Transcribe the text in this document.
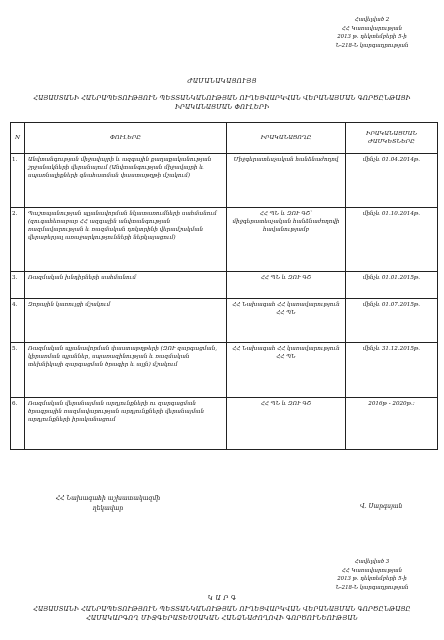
Հավելված 2
ՀՀ Կառավարության
2013 թ. դեկտեմբերի 5-ի
Ն-218-Ն կարգադրության
ԺԱՄԱՆԱԿԱՑՈՒՅՑ
ՀԱՅԱՍՏԱՆԻ ՀԱՆՐԱՊԵՏՈՒԹՅՈՒՆ ՊԵՏՏԱՆԿԱՆՈՒԹՅԱՆ ՈՒՂԵՑՎԱՐԿՎԱՆ ՎԵՐԱՆԱՅՄԱՆ ԳՈՐԾԸՆԹԱՑԻ ԻՐԱԿԱՆԱՑՄԱՆ ՓՈՒԼԵՐԻ
N	ՓՈՒԼԵՐԸ	ԻՐԱԿԱՆԱՑՈՂԸ	ԻՐԱԿԱՆԱՑՄԱՆ ԺԱՄԿԵՏՆԵՐԸ
1.	Անվտանգության միջավայրի և ազգային քաղաքականության շրջանակների վերանայում (Անվտանգության միջավայրի և սպառնալիքների գնահատման փաստաթղթի մշակում)	Միջգերատեսչական հանձնաժողով	մինչև 01.04.2014թ.
2.	Պաշտպանության պլանավորման նկատառումների սահմանում (զուգահեռաբար ՀՀ ազգային անվտանգության ռազմավարության և ռազմական դոկտրինի վերամշակման վերաբերյալ առաջարկությունների ներկայացում)	ՀՀ ՊՆ և ԶՈՒ ԳՇ՝ միջգերատեսչական հանձնաժողովի հավանությամբ	մինչև 01.10.2014թ.
3.	Ռազմական խնդիրների սահմանում	ՀՀ ՊՆ և ԶՈՒ ԳՇ	մինչև 01.01.2015թ.
4.	Զորային կառույցի մշակում	ՀՀ Նախագահ ՀՀ կառավարություն ՀՀ ՊՆ	մինչև 01.07.2015թ.
5.	Ռազմական պլանավորման փաստաթղթերի (ԶՈՒ զարգացման, կիրառման պլաններ, սպառազինության և ռազմական տեխնիկայի զարգացման ծրագիր և այլն) մշակում	ՀՀ Նախագահ ՀՀ կառավարություն ՀՀ ՊՆ	մինչև 31.12.2015թ.
6.	Ռազմական վերանայման արդյունքների ու զարգացման ծրագրային ռազմավարության արդյունքների վերանայման արդյունքների իրականացում	ՀՀ ՊՆ և ԶՈՒ ԳՇ	2016թ - 2020թ.:
ՀՀ Նախագահի աշխատակազմի
ղեկավար	Վ. Սարգսյան
Հավելված 3
ՀՀ Կառավարության
2013 թ. դեկտեմբերի 5-ի
Ն-218-Ն կարգադրության
Կ Ա Ր Գ
ՀԱՅԱՍՏԱՆԻ ՀԱՆՐԱՊԵՏՈՒԹՅՈՒՆ ՊԵՏՏԱՆԿԱՆՈՒԹՅԱՆ ՈՒՂԵՑՎԱՐԿՎԱՆ ՎԵՐԱՆԱՅՄԱՆ ԳՈՐԾԸՆԹԱՑԸ ՀԱՄԱԿԱՐԳՈՂ ՄԻՋԳԵՐԱՏԵՍՉԱԿԱՆ ՀԱՆՁՆԱԺՈՂՈՎԻ ԳՈՐԾՈՒՆԵՈՒԹՅԱՆ
